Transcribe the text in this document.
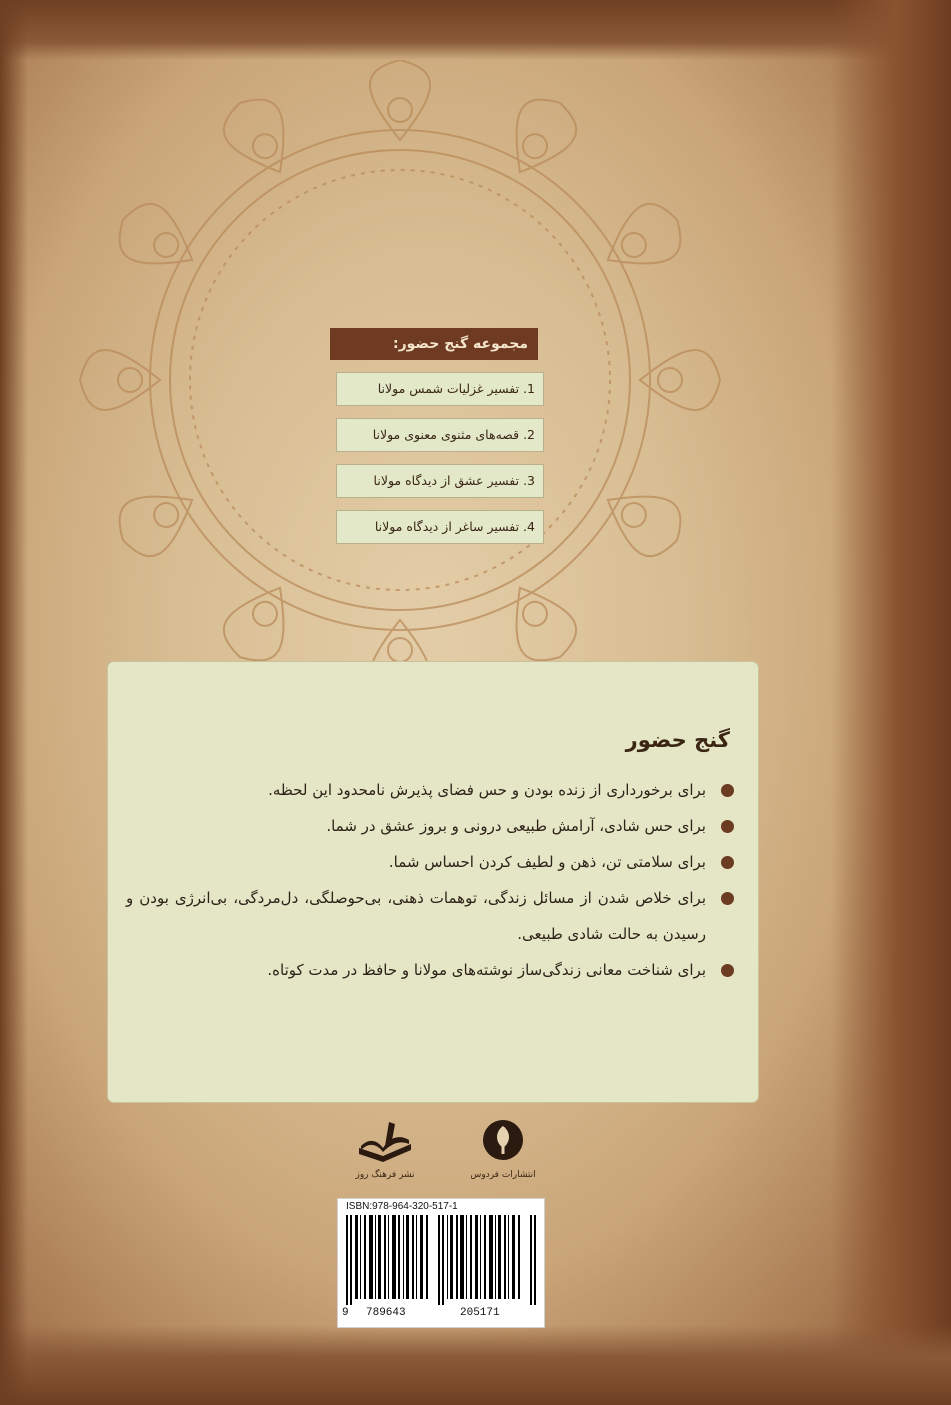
مجموعه گنج حضور:
1. تفسیر غزلیات شمس مولانا
2. قصه‌های مثنوی معنوی مولانا
3. تفسیر عشق از دیدگاه مولانا
4. تفسیر ساغر از دیدگاه مولانا
گنج حضور
برای برخورداری از زنده بودن و حس فضای پذیرش نامحدود این لحظه.
برای حس شادی، آرامش طبیعی درونی و بروز عشق در شما.
برای سلامتی تن، ذهن و لطیف کردن احساس شما.
برای خلاص شدن از مسائل زندگی، توهمات ذهنی، بی‌حوصلگی، دل‌مردگی، بی‌انرژی بودن و رسیدن به حالت شادی طبیعی.
برای شناخت معانی زندگی‌ساز نوشته‌های مولانا و حافظ در مدت کوتاه.
نشر فرهنگ روز	انتشارات فردوس
ISBN:978-964-320-517-1
9 789643	205171
